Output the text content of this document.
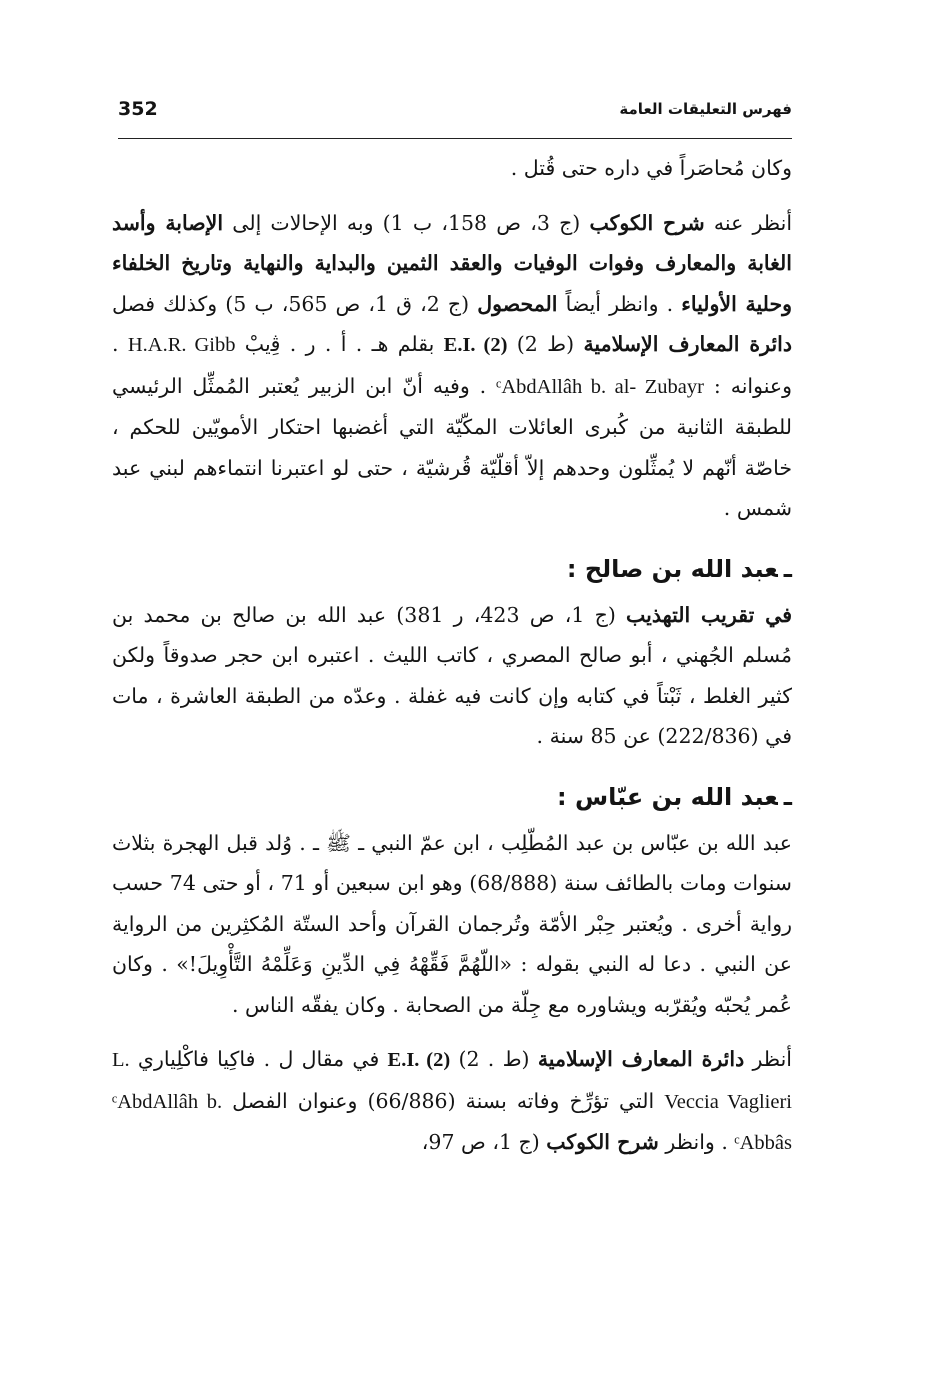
352	فهرس التعليقات العامة

وكان مُحاصَراً في داره حتى قُتل .

أنظر عنه شرح الكوكب (ج 3، ص 158، ب 1) وبه الإحالات إلى الإصابة وأسد الغابة والمعارف وفوات الوفيات والعقد الثمين والبداية والنهاية وتاريخ الخلفاء وحلية الأولياء . وانظر أيضاً المحصول (ج 2، ق 1، ص 565، ب 5) وكذلك فصل دائرة المعارف الإسلامية (ط 2) E.I. (2) بقلم هـ . أ . ر . ﭬِيبْ H.A.R. Gibb . وعنوانه : ᶜAbdAllâh b. al- Zubayr . وفيه أنّ ابن الزبير يُعتبر المُمثِّل الرئيسي للطبقة الثانية من كُبرى العائلات المكّيّة التي أغضبها احتكار الأمويّين للحكم ، خاصّة أنّهم لا يُمثِّلون وحدهم إلاّ أقلّيّة قُرشيّة ، حتى لو اعتبرنا انتماءهم لبني عبد شمس .

ـعبد الله بن صالح :

في تقريب التهذيب (ج 1، ص 423، ر 381) عبد الله بن صالح بن محمد بن مُسلم الجُهني ، أبو صالح المصري ، كاتب الليث . اعتبره ابن حجر صدوقاً ولكن كثير الغلط ، ثَبْتاً في كتابه وإن كانت فيه غفلة . وعدّه من الطبقة العاشرة ، مات في (222/836) عن 85 سنة .

ـعبد الله بن عبّاس :

عبد الله بن عبّاس بن عبد المُطّلِب ، ابن عمّ النبي ـ ﷺ ـ . وُلد قبل الهجرة بثلاث سنوات ومات بالطائف سنة (68/888) وهو ابن سبعين أو 71 ، أو حتى 74 حسب رواية أخرى . ويُعتبر حِبْر الأمّة وتُرجمان القرآن وأحد الستّة المُكثِرين من الرواية عن النبي . دعا له النبي بقوله : «اللّهُمَّ فَقِّهْهُ فِي الدِّينِ وَعَلِّمْهُ التَّأْوِيلَ!» . وكان عُمر يُحبّه ويُقرّبه ويشاوره مع جِلّة من الصحابة . وكان يفقّه الناس .

أنظر دائرة المعارف الإسلامية (ط . 2) E.I. (2) في مقال ل . فاكِيا فاكْلِياري L. Veccia Vaglieri التي تؤرِّخ وفاته بسنة (66/886) وعنوان الفصل ᶜAbdAllâh b. ᶜAbbâs . وانظر شرح الكوكب (ج 1، ص 97،
